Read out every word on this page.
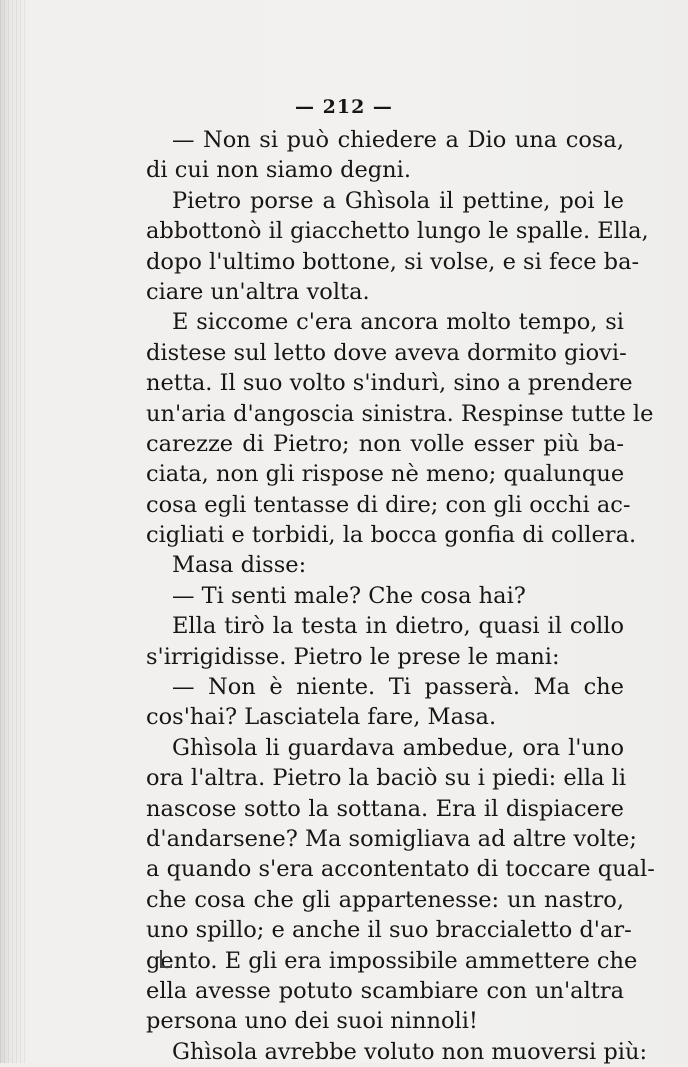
— 212 —
— Non si può chiedere a Dio una cosa,
di cui non siamo degni.
Pietro porse a Ghìsola il pettine, poi le
abbottonò il giacchetto lungo le spalle. Ella,
dopo l'ultimo bottone, si volse, e si fece ba-
ciare un'altra volta.
E siccome c'era ancora molto tempo, si
distese sul letto dove aveva dormito giovi-
netta. Il suo volto s'indurì, sino a prendere
un'aria d'angoscia sinistra. Respinse tutte le
carezze di Pietro; non volle esser più ba-
ciata, non gli rispose nè meno; qualunque
cosa egli tentasse di dire; con gli occhi ac-
cigliati e torbidi, la bocca gonfia di collera.
Masa disse:
— Ti senti male? Che cosa hai?
Ella tirò la testa in dietro, quasi il collo
s'irrigidisse. Pietro le prese le mani:
— Non è niente. Ti passerà. Ma che
cos'hai? Lasciatela fare, Masa.
Ghìsola li guardava ambedue, ora l'uno
ora l'altra. Pietro la baciò su i piedi: ella li
nascose sotto la sottana. Era il dispiacere
d'andarsene? Ma somigliava ad altre volte;
a quando s'era accontentato di toccare qual-
che cosa che gli appartenesse: un nastro,
uno spillo; e anche il suo braccialetto d'ar-
gento. E gli era impossibile ammettere che
ella avesse potuto scambiare con un'altra
persona uno dei suoi ninnoli!
Ghìsola avrebbe voluto non muoversi più:
